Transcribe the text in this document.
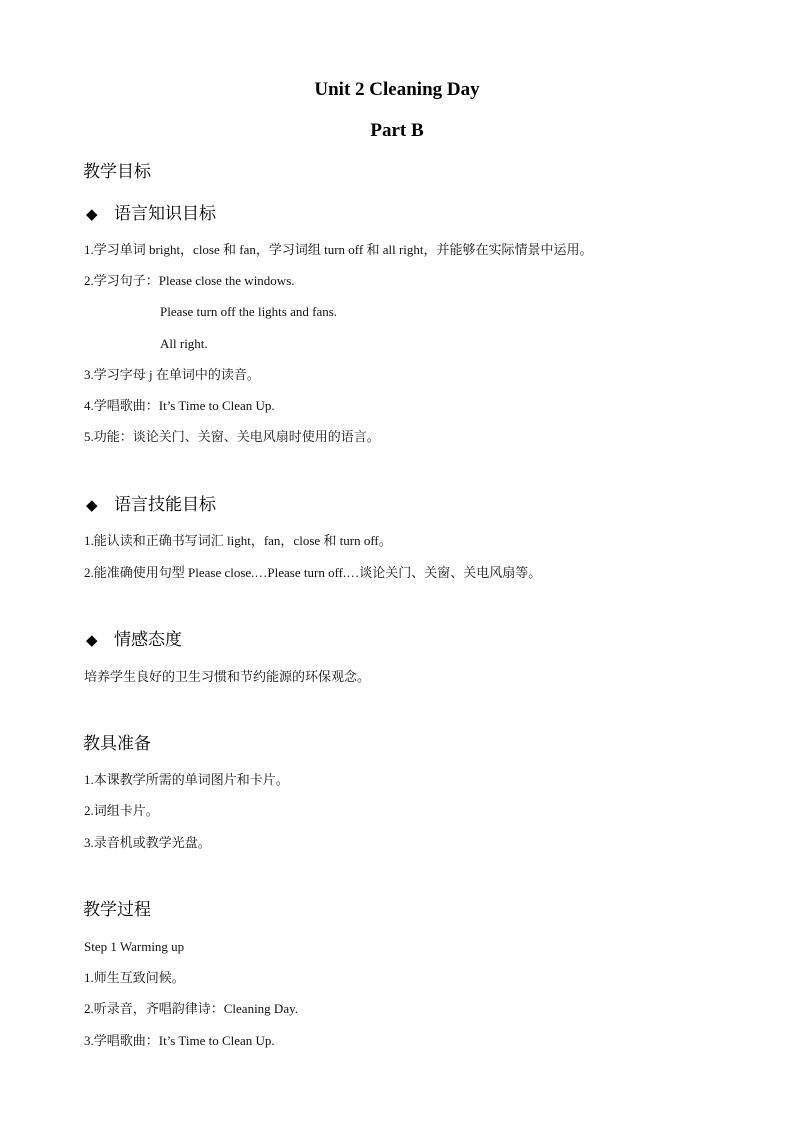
Unit 2 Cleaning Day
Part B
教学目标
◆ 语言知识目标
1.学习单词 bright，close 和 fan，学习词组 turn off 和 all right，并能够在实际情景中运用。
2.学习句子：Please close the windows.
Please turn off the lights and fans.
All right.
3.学习字母 j 在单词中的读音。
4.学唱歌曲：It’s Time to Clean Up.
5.功能：谈论关门、关窗、关电风扇时使用的语言。
◆ 语言技能目标
1.能认读和正确书写词汇 light，fan，close 和 turn off。
2.能准确使用句型 Please close.…Please turn off.…谈论关门、关窗、关电风扇等。
◆ 情感态度
培养学生良好的卫生习惯和节约能源的环保观念。
教具准备
1.本课教学所需的单词图片和卡片。
2.词组卡片。
3.录音机或教学光盘。
教学过程
Step 1 Warming up
1.师生互致问候。
2.听录音，齐唱韵律诗：Cleaning Day.
3.学唱歌曲：It’s Time to Clean Up.
